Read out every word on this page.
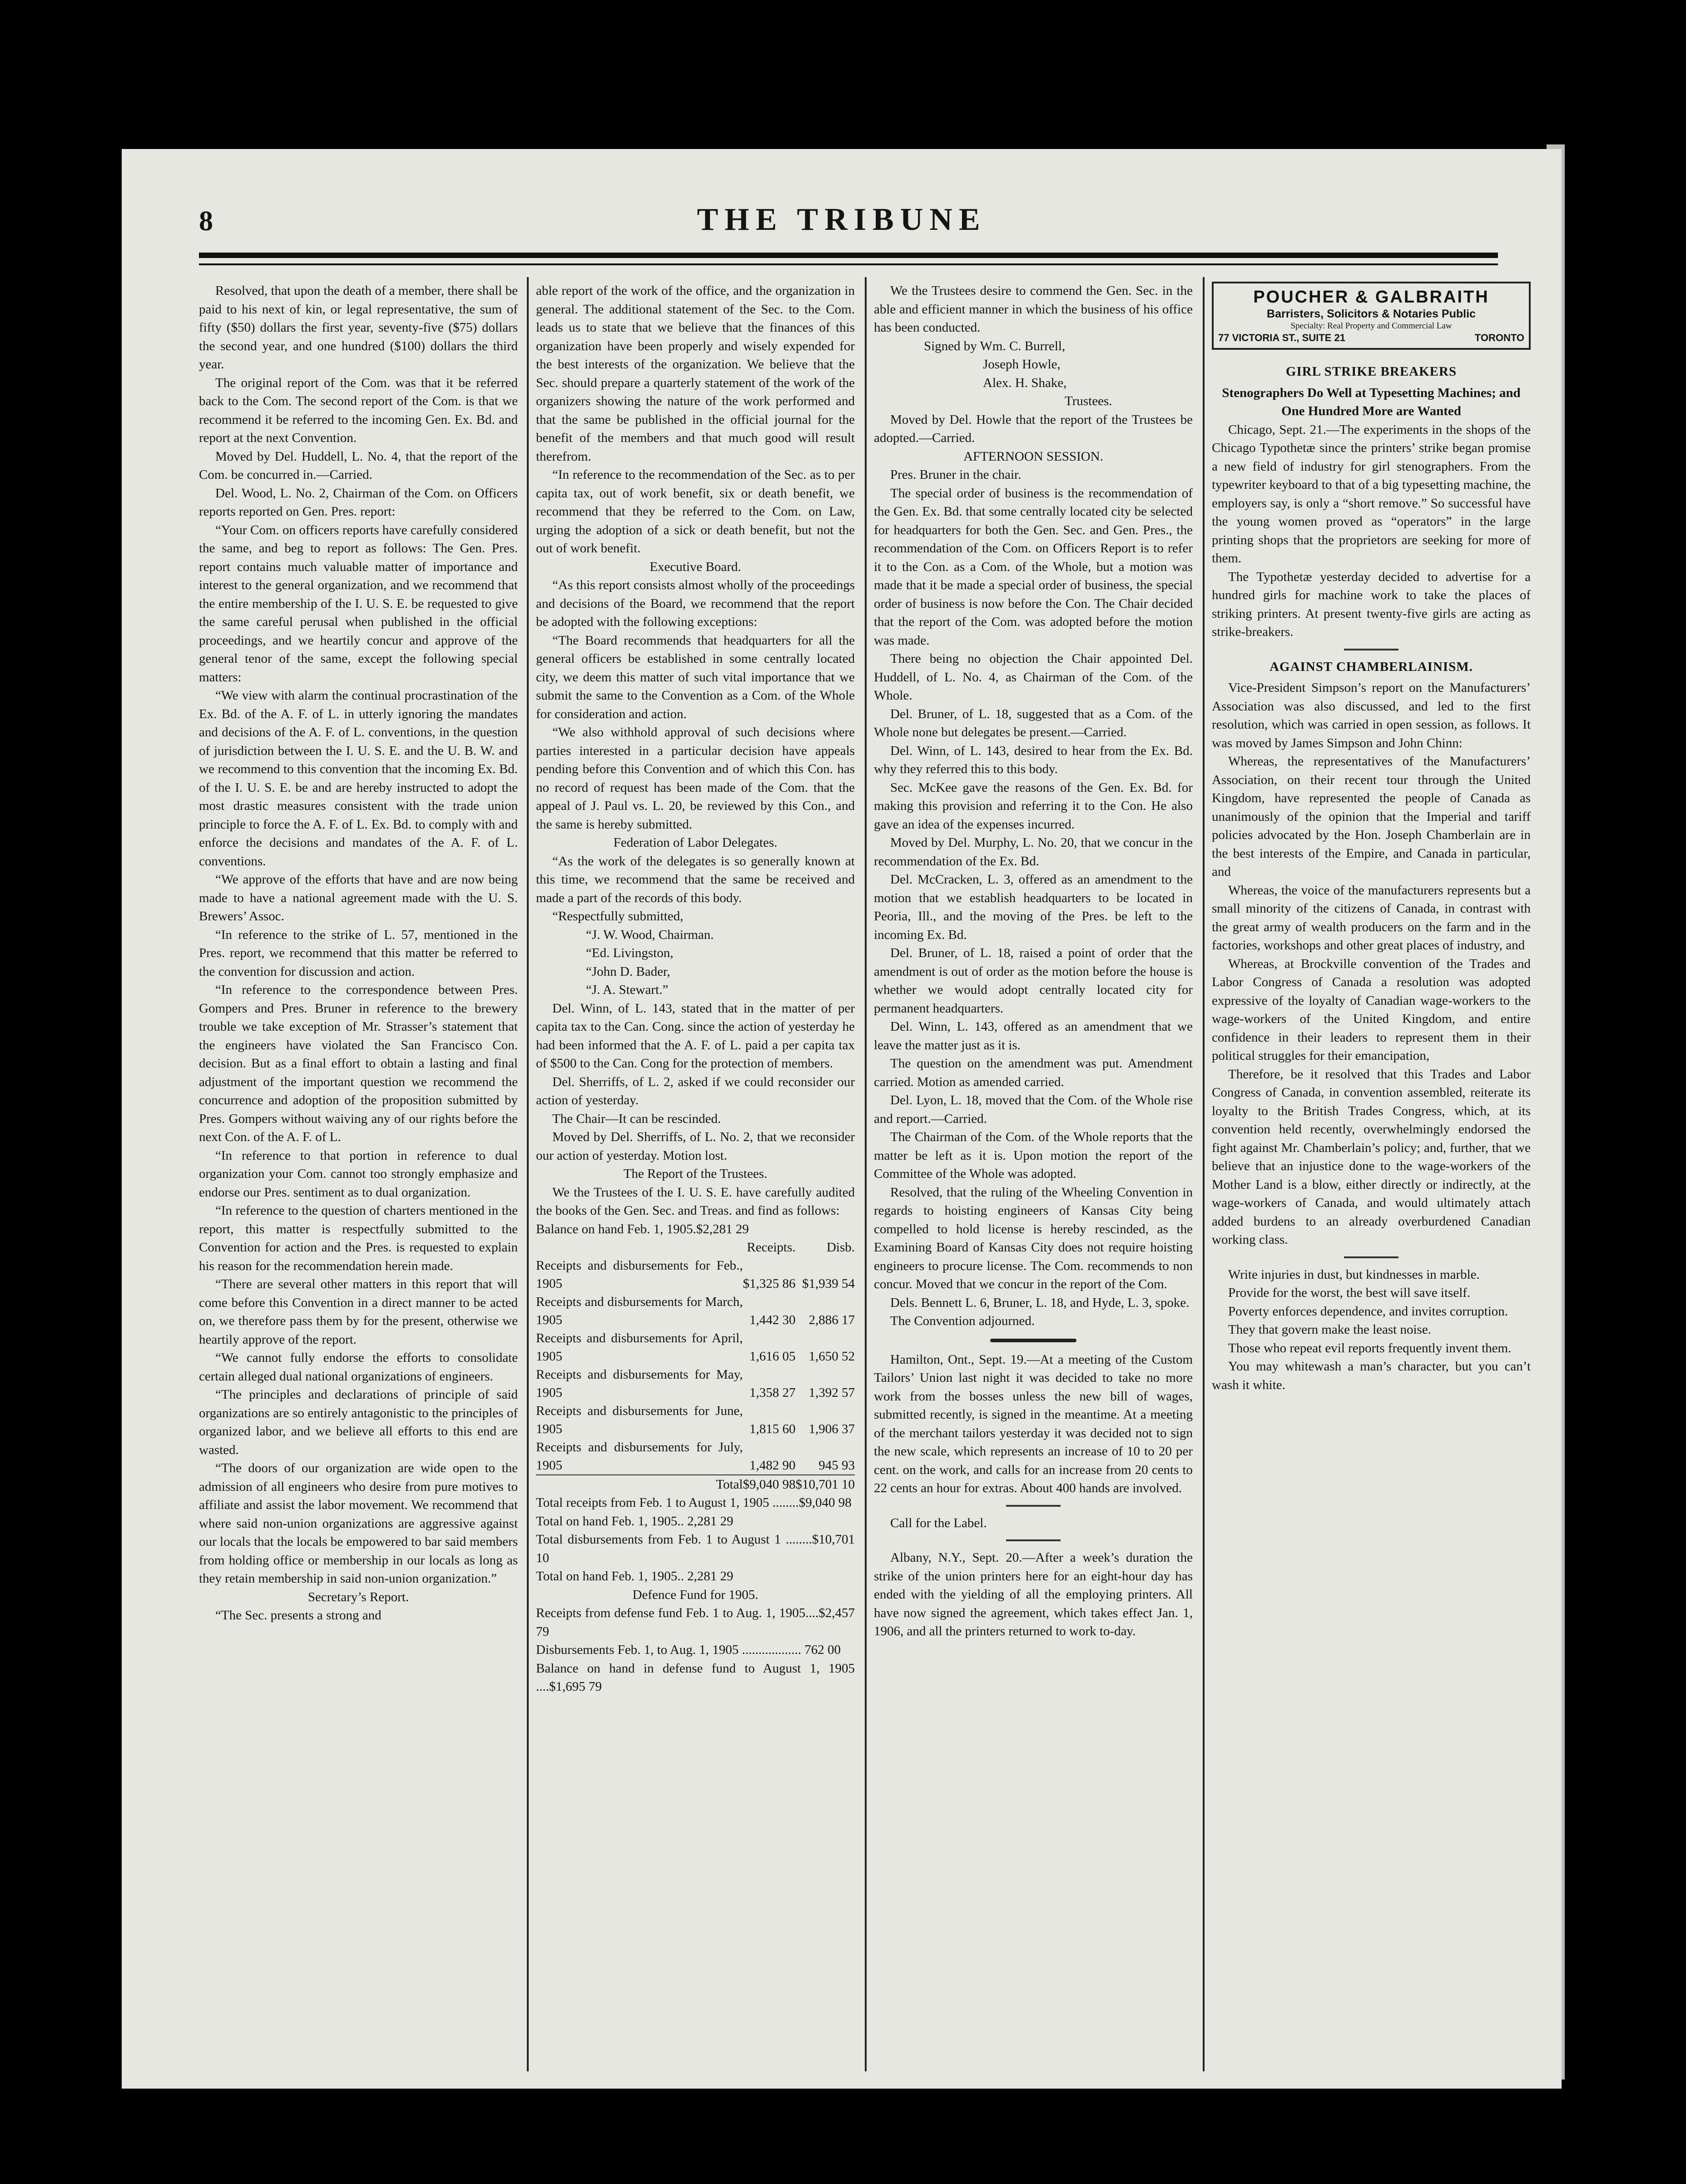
8	THE TRIBUNE

Resolved, that upon the death of a member, there shall be paid to his next of kin, or legal representative, the sum of fifty ($50) dollars the first year, seventy-five ($75) dollars the second year, and one hundred ($100) dollars the third year.

The original report of the Com. was that it be referred back to the Com. The second report of the Com. is that we recommend it be referred to the incoming Gen. Ex. Bd. and report at the next Convention.

Moved by Del. Huddell, L. No. 4, that the report of the Com. be concurred in.—Carried.

Del. Wood, L. No. 2, Chairman of the Com. on Officers reports reported on Gen. Pres. report:

“Your Com. on officers reports have carefully considered the same, and beg to report as follows: The Gen. Pres. report contains much valuable matter of importance and interest to the general organization, and we recommend that the entire membership of the I. U. S. E. be requested to give the same careful perusal when published in the official proceedings, and we heartily concur and approve of the general tenor of the same, except the following special matters:

“We view with alarm the continual procrastination of the Ex. Bd. of the A. F. of L. in utterly ignoring the mandates and decisions of the A. F. of L. conventions, in the question of jurisdiction between the I. U. S. E. and the U. B. W. and we recommend to this convention that the incoming Ex. Bd. of the I. U. S. E. be and are hereby instructed to adopt the most drastic measures consistent with the trade union principle to force the A. F. of L. Ex. Bd. to comply with and enforce the decisions and mandates of the A. F. of L. conventions.

“We approve of the efforts that have and are now being made to have a national agreement made with the U. S. Brewers’ Assoc.

“In reference to the strike of L. 57, mentioned in the Pres. report, we recommend that this matter be referred to the convention for discussion and action.

“In reference to the correspondence between Pres. Gompers and Pres. Bruner in reference to the brewery trouble we take exception of Mr. Strasser’s statement that the engineers have violated the San Francisco Con. decision. But as a final effort to obtain a lasting and final adjustment of the important question we recommend the concurrence and adoption of the proposition submitted by Pres. Gompers without waiving any of our rights before the next Con. of the A. F. of L.

“In reference to that portion in reference to dual organization your Com. cannot too strongly emphasize and endorse our Pres. sentiment as to dual organization.

“In reference to the question of charters mentioned in the report, this matter is respectfully submitted to the Convention for action and the Pres. is requested to explain his reason for the recommendation herein made.

“There are several other matters in this report that will come before this Convention in a direct manner to be acted on, we therefore pass them by for the present, otherwise we heartily approve of the report.

“We cannot fully endorse the efforts to consolidate certain alleged dual national organizations of engineers.

“The principles and declarations of principle of said organizations are so entirely antagonistic to the principles of organized labor, and we believe all efforts to this end are wasted.

“The doors of our organization are wide open to the admission of all engineers who desire from pure motives to affiliate and assist the labor movement. We recommend that where said non-union organizations are aggressive against our locals that the locals be empowered to bar said members from holding office or membership in our locals as long as they retain membership in said non-union organization.”

Secretary’s Report.

“The Sec. presents a strong and

able report of the work of the office, and the organization in general. The additional statement of the Sec. to the Com. leads us to state that we believe that the finances of this organization have been properly and wisely expended for the best interests of the organization. We believe that the Sec. should prepare a quarterly statement of the work of the organizers showing the nature of the work performed and that the same be published in the official journal for the benefit of the members and that much good will result therefrom.

“In reference to the recommendation of the Sec. as to per capita tax, out of work benefit, six or death benefit, we recommend that they be referred to the Com. on Law, urging the adoption of a sick or death benefit, but not the out of work benefit.

Executive Board.

“As this report consists almost wholly of the proceedings and decisions of the Board, we recommend that the report be adopted with the following exceptions:

“The Board recommends that headquarters for all the general officers be established in some centrally located city, we deem this matter of such vital importance that we submit the same to the Convention as a Com. of the Whole for consideration and action.

“We also withhold approval of such decisions where parties interested in a particular decision have appeals pending before this Convention and of which this Con. has no record of request has been made of the Com. that the appeal of J. Paul vs. L. 20, be reviewed by this Con., and the same is hereby submitted.

Federation of Labor Delegates.

“As the work of the delegates is so generally known at this time, we recommend that the same be received and made a part of the records of this body.

“Respectfully submitted,

“J. W. Wood, Chairman.

“Ed. Livingston,

“John D. Bader,

“J. A. Stewart.”

Del. Winn, of L. 143, stated that in the matter of per capita tax to the Can. Cong. since the action of yesterday he had been informed that the A. F. of L. paid a per capita tax of $500 to the Can. Cong for the protection of members.

Del. Sherriffs, of L. 2, asked if we could reconsider our action of yesterday.

The Chair—It can be rescinded.

Moved by Del. Sherriffs, of L. No. 2, that we reconsider our action of yesterday. Motion lost.

The Report of the Trustees.

We the Trustees of the I. U. S. E. have carefully audited the books of the Gen. Sec. and Treas. and find as follows:

Balance on hand Feb. 1, 1905.$2,281 29

	Receipts.	Disb.
Receipts and disbursements for Feb., 1905	$1,325 86	$1,939 54
Receipts and disbursements for March, 1905	1,442 30	2,886 17
Receipts and disbursements for April, 1905	1,616 05	1,650 52
Receipts and disbursements for May, 1905	1,358 27	1,392 57
Receipts and disbursements for June, 1905	1,815 60	1,906 37
Receipts and disbursements for July, 1905	1,482 90	945 93
Total	$9,040 98	$10,701 10

Total receipts from Feb. 1 to August 1, 1905 ........$9,040 98

Total on hand Feb. 1, 1905.. 2,281 29

Total disbursements from Feb. 1 to August 1 ........$10,701 10

Total on hand Feb. 1, 1905.. 2,281 29

Defence Fund for 1905.

Receipts from defense fund Feb. 1 to Aug. 1, 1905....$2,457 79

Disbursements Feb. 1, to Aug. 1, 1905 .................. 762 00

Balance on hand in defense fund to August 1, 1905 ....$1,695 79

We the Trustees desire to commend the Gen. Sec. in the able and efficient manner in which the business of his office has been conducted.

Signed by Wm. C. Burrell,

Joseph Howle,

Alex. H. Shake,

Trustees.

Moved by Del. Howle that the report of the Trustees be adopted.—Carried.

AFTERNOON SESSION.

Pres. Bruner in the chair.

The special order of business is the recommendation of the Gen. Ex. Bd. that some centrally located city be selected for headquarters for both the Gen. Sec. and Gen. Pres., the recommendation of the Com. on Officers Report is to refer it to the Con. as a Com. of the Whole, but a motion was made that it be made a special order of business, the special order of business is now before the Con. The Chair decided that the report of the Com. was adopted before the motion was made.

There being no objection the Chair appointed Del. Huddell, of L. No. 4, as Chairman of the Com. of the Whole.

Del. Bruner, of L. 18, suggested that as a Com. of the Whole none but delegates be present.—Carried.

Del. Winn, of L. 143, desired to hear from the Ex. Bd. why they referred this to this body.

Sec. McKee gave the reasons of the Gen. Ex. Bd. for making this provision and referring it to the Con. He also gave an idea of the expenses incurred.

Moved by Del. Murphy, L. No. 20, that we concur in the recommendation of the Ex. Bd.

Del. McCracken, L. 3, offered as an amendment to the motion that we establish headquarters to be located in Peoria, Ill., and the moving of the Pres. be left to the incoming Ex. Bd.

Del. Bruner, of L. 18, raised a point of order that the amendment is out of order as the motion before the house is whether we would adopt centrally located city for permanent headquarters.

Del. Winn, L. 143, offered as an amendment that we leave the matter just as it is.

The question on the amendment was put. Amendment carried. Motion as amended carried.

Del. Lyon, L. 18, moved that the Com. of the Whole rise and report.—Carried.

The Chairman of the Com. of the Whole reports that the matter be left as it is. Upon motion the report of the Committee of the Whole was adopted.

Resolved, that the ruling of the Wheeling Convention in regards to hoisting engineers of Kansas City being compelled to hold license is hereby rescinded, as the Examining Board of Kansas City does not require hoisting engineers to procure license. The Com. recommends to non concur. Moved that we concur in the report of the Com.

Dels. Bennett L. 6, Bruner, L. 18, and Hyde, L. 3, spoke.

The Convention adjourned.

Hamilton, Ont., Sept. 19.—At a meeting of the Custom Tailors’ Union last night it was decided to take no more work from the bosses unless the new bill of wages, submitted recently, is signed in the meantime. At a meeting of the merchant tailors yesterday it was decided not to sign the new scale, which represents an increase of 10 to 20 per cent. on the work, and calls for an increase from 20 cents to 22 cents an hour for extras. About 400 hands are involved.

Call for the Label.

Albany, N.Y., Sept. 20.—After a week’s duration the strike of the union printers here for an eight-hour day has ended with the yielding of all the employing printers. All have now signed the agreement, which takes effect Jan. 1, 1906, and all the printers returned to work to-day.

POUCHER & GALBRAITH
Barristers, Solicitors & Notaries Public
Specialty: Real Property and Commercial Law
77 VICTORIA ST., SUITE 21	TORONTO

GIRL STRIKE BREAKERS

Stenographers Do Well at Typesetting Machines; and One Hundred More are Wanted

Chicago, Sept. 21.—The experiments in the shops of the Chicago Typothetæ since the printers’ strike began promise a new field of industry for girl stenographers. From the typewriter keyboard to that of a big typesetting machine, the employers say, is only a “short remove.” So successful have the young women proved as “operators” in the large printing shops that the proprietors are seeking for more of them.

The Typothetæ yesterday decided to advertise for a hundred girls for machine work to take the places of striking printers. At present twenty-five girls are acting as strike-breakers.

AGAINST CHAMBERLAINISM.

Vice-President Simpson’s report on the Manufacturers’ Association was also discussed, and led to the first resolution, which was carried in open session, as follows. It was moved by James Simpson and John Chinn:

Whereas, the representatives of the Manufacturers’ Association, on their recent tour through the United Kingdom, have represented the people of Canada as unanimously of the opinion that the Imperial and tariff policies advocated by the Hon. Joseph Chamberlain are in the best interests of the Empire, and Canada in particular, and

Whereas, the voice of the manufacturers represents but a small minority of the citizens of Canada, in contrast with the great army of wealth producers on the farm and in the factories, workshops and other great places of industry, and

Whereas, at Brockville convention of the Trades and Labor Congress of Canada a resolution was adopted expressive of the loyalty of Canadian wage-workers to the wage-workers of the United Kingdom, and entire confidence in their leaders to represent them in their political struggles for their emancipation,

Therefore, be it resolved that this Trades and Labor Congress of Canada, in convention assembled, reiterate its loyalty to the British Trades Congress, which, at its convention held recently, overwhelmingly endorsed the fight against Mr. Chamberlain’s policy; and, further, that we believe that an injustice done to the wage-workers of the Mother Land is a blow, either directly or indirectly, at the wage-workers of Canada, and would ultimately attach added burdens to an already overburdened Canadian working class.

Write injuries in dust, but kindnesses in marble.

Provide for the worst, the best will save itself.

Poverty enforces dependence, and invites corruption.

They that govern make the least noise.

Those who repeat evil reports frequently invent them.

You may whitewash a man’s character, but you can’t wash it white.
